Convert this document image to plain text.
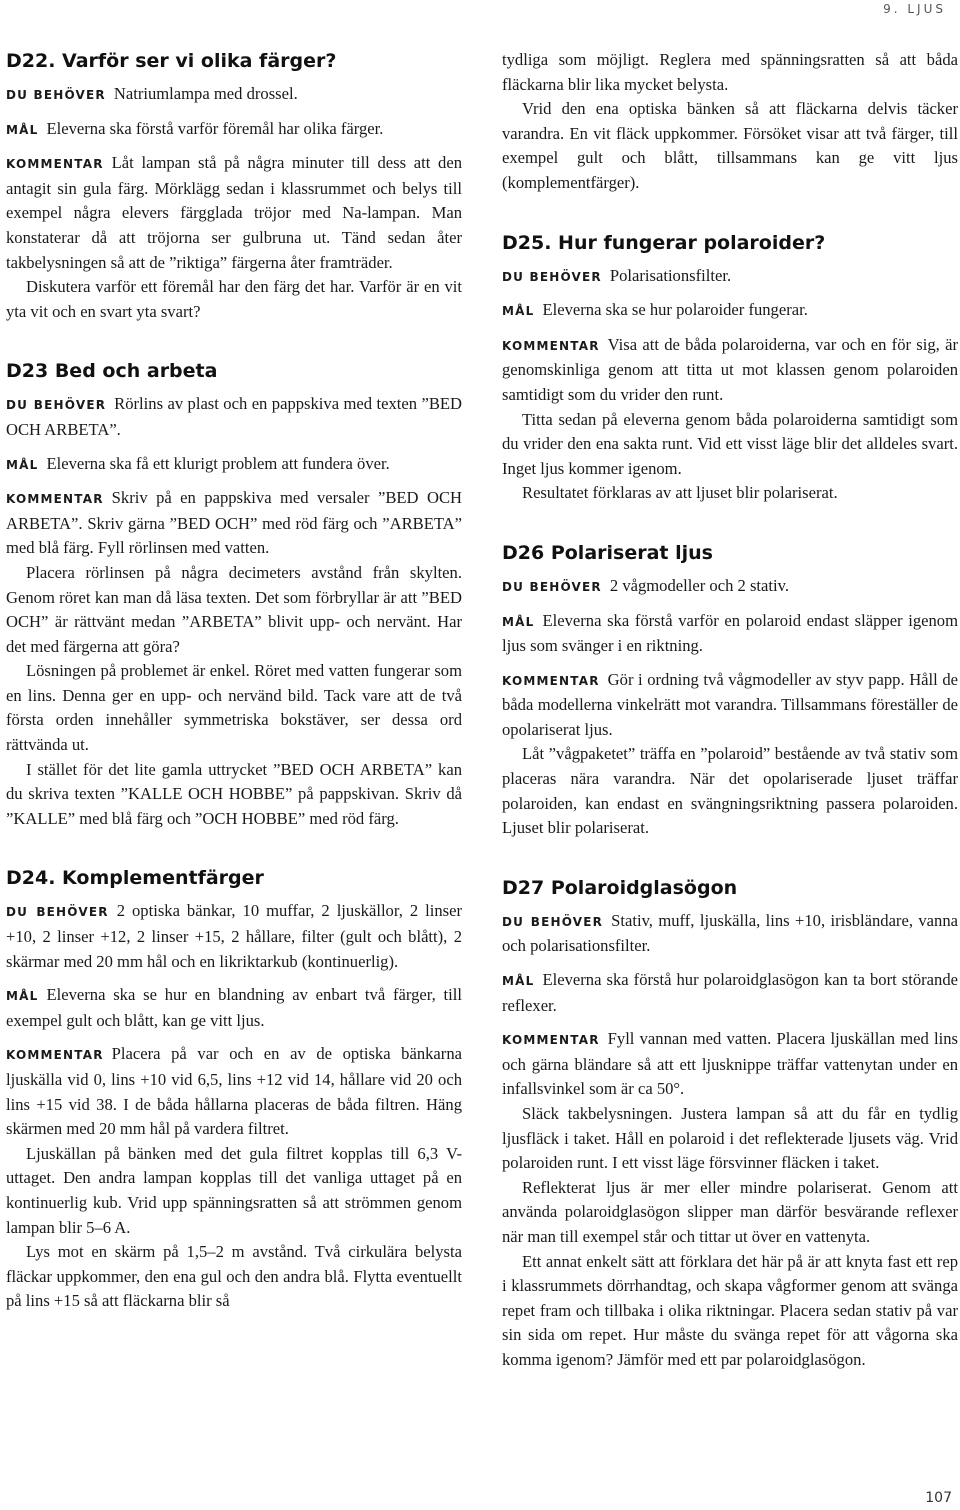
9. LJUS
D22. Varför ser vi olika färger?

DU BEHÖVER Natriumlampa med drossel.

MÅL Eleverna ska förstå varför föremål har olika färger.

KOMMENTAR Låt lampan stå på några minuter till dess att den antagit sin gula färg. Mörklägg sedan i klassrummet och belys till exempel några elevers färgglada tröjor med Na-lampan. Man konstaterar då att tröjorna ser gulbruna ut. Tänd sedan åter takbelysningen så att de ”riktiga” färgerna åter framträder.

Diskutera varför ett föremål har den färg det har. Varför är en vit yta vit och en svart yta svart?

D23 Bed och arbeta

DU BEHÖVER Rörlins av plast och en pappskiva med texten ”BED OCH ARBETA”.

MÅL Eleverna ska få ett klurigt problem att fundera över.

KOMMENTAR Skriv på en pappskiva med versaler ”BED OCH ARBETA”. Skriv gärna ”BED OCH” med röd färg och ”ARBETA” med blå färg. Fyll rörlinsen med vatten.

Placera rörlinsen på några decimeters avstånd från skylten. Genom röret kan man då läsa texten. Det som förbryllar är att ”BED OCH” är rättvänt medan ”ARBETA” blivit upp- och nervänt. Har det med färgerna att göra?

Lösningen på problemet är enkel. Röret med vatten fungerar som en lins. Denna ger en upp- och nervänd bild. Tack vare att de två första orden innehåller symmetriska bokstäver, ser dessa ord rättvända ut.

I stället för det lite gamla uttrycket ”BED OCH ARBETA” kan du skriva texten ”KALLE OCH HOBBE” på pappskivan. Skriv då ”KALLE” med blå färg och ”OCH HOBBE” med röd färg.

D24. Komplementfärger

DU BEHÖVER 2 optiska bänkar, 10 muffar, 2 ljuskällor, 2 linser +10, 2 linser +12, 2 linser +15, 2 hållare, filter (gult och blått), 2 skärmar med 20 mm hål och en likriktarkub (kontinuerlig).

MÅL Eleverna ska se hur en blandning av enbart två färger, till exempel gult och blått, kan ge vitt ljus.

KOMMENTAR Placera på var och en av de optiska bänkarna ljuskälla vid 0, lins +10 vid 6,5, lins +12 vid 14, hållare vid 20 och lins +15 vid 38. I de båda hållarna placeras de båda filtren. Häng skärmen med 20 mm hål på vardera filtret.

Ljuskällan på bänken med det gula filtret kopplas till 6,3 V-uttaget. Den andra lampan kopplas till det vanliga uttaget på en kontinuerlig kub. Vrid upp spänningsratten så att strömmen genom lampan blir 5–6 A.

Lys mot en skärm på 1,5–2 m avstånd. Två cirkulära belysta fläckar uppkommer, den ena gul och den andra blå. Flytta eventuellt på lins +15 så att fläckarna blir så

tydliga som möjligt. Reglera med spänningsratten så att båda fläckarna blir lika mycket belysta.

Vrid den ena optiska bänken så att fläckarna delvis täcker varandra. En vit fläck uppkommer. Försöket visar att två färger, till exempel gult och blått, tillsammans kan ge vitt ljus (komplementfärger).

D25. Hur fungerar polaroider?

DU BEHÖVER Polarisationsfilter.

MÅL Eleverna ska se hur polaroider fungerar.

KOMMENTAR Visa att de båda polaroiderna, var och en för sig, är genomskinliga genom att titta ut mot klassen genom polaroiden samtidigt som du vrider den runt.

Titta sedan på eleverna genom båda polaroiderna samtidigt som du vrider den ena sakta runt. Vid ett visst läge blir det alldeles svart. Inget ljus kommer igenom.

Resultatet förklaras av att ljuset blir polariserat.

D26 Polariserat ljus

DU BEHÖVER 2 vågmodeller och 2 stativ.

MÅL Eleverna ska förstå varför en polaroid endast släpper igenom ljus som svänger i en riktning.

KOMMENTAR Gör i ordning två vågmodeller av styv papp. Håll de båda modellerna vinkelrätt mot varandra. Tillsammans föreställer de opolariserat ljus.

Låt ”vågpaketet” träffa en ”polaroid” bestående av två stativ som placeras nära varandra. När det opolariserade ljuset träffar polaroiden, kan endast en svängningsriktning passera polaroiden. Ljuset blir polariserat.

D27 Polaroidglasögon

DU BEHÖVER Stativ, muff, ljuskälla, lins +10, irisbländare, vanna och polarisationsfilter.

MÅL Eleverna ska förstå hur polaroidglasögon kan ta bort störande reflexer.

KOMMENTAR Fyll vannan med vatten. Placera ljuskällan med lins och gärna bländare så att ett ljusknippe träffar vattenytan under en infallsvinkel som är ca 50°.

Släck takbelysningen. Justera lampan så att du får en tydlig ljusfläck i taket. Håll en polaroid i det reflekterade ljusets väg. Vrid polaroiden runt. I ett visst läge försvinner fläcken i taket.

Reflekterat ljus är mer eller mindre polariserat. Genom att använda polaroidglasögon slipper man därför besvärande reflexer när man till exempel står och tittar ut över en vattenyta.

Ett annat enkelt sätt att förklara det här på är att knyta fast ett rep i klassrummets dörrhandtag, och skapa vågformer genom att svänga repet fram och tillbaka i olika riktningar. Placera sedan stativ på var sin sida om repet. Hur måste du svänga repet för att vågorna ska komma igenom? Jämför med ett par polaroidglasögon.

107
